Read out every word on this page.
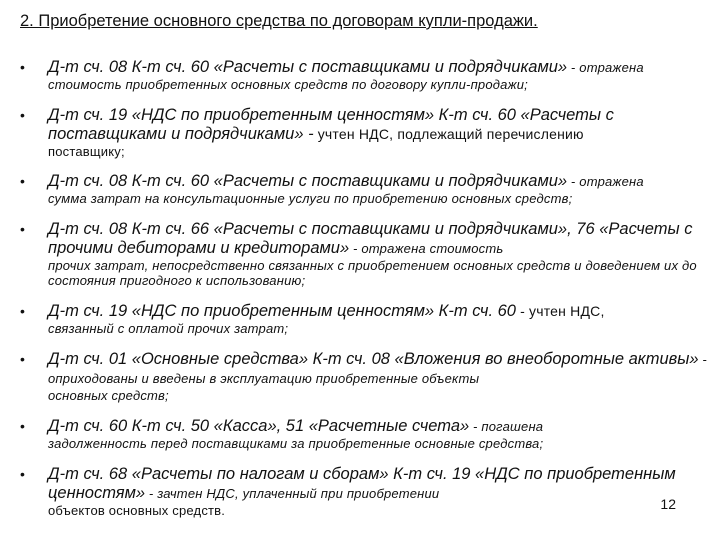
2. Приобретение основного средства по договорам купли-продажи.
• Д-т сч. 08 К-т сч. 60 «Расчеты с поставщиками и подрядчиками» - отражена
стоимость приобретенных основных средств по договору купли-продажи;
• Д-т сч. 19 «НДС по приобретенным ценностям» К-т сч. 60 «Расчеты с поставщиками и подрядчиками» - учтен НДС, подлежащий перечислению
поставщику;
• Д-т сч. 08 К-т сч. 60 «Расчеты с поставщиками и подрядчиками» - отражена
сумма затрат на консультационные услуги по приобретению основных средств;
• Д-т сч. 08 К-т сч. 66 «Расчеты с поставщиками и подрядчиками», 76 «Расчеты с прочими дебиторами и кредиторами» - отражена стоимость
прочих затрат, непосредственно связанных с приобретением основных средств и доведением их до состояния пригодного к использованию;
• Д-т сч. 19 «НДС по приобретенным ценностям» К-т сч. 60 - учтен НДС,
связанный с оплатой прочих затрат;
• Д-т сч. 01 «Основные средства» К-т сч. 08 «Вложения во внеоборотные активы» - оприходованы и введены в эксплуатацию приобретенные объекты
основных средств;
• Д-т сч. 60 К-т сч. 50 «Касса», 51 «Расчетные счета» - погашена
задолженность перед поставщиками за приобретенные основные средства;
• Д-т сч. 68 «Расчеты по налогам и сборам» К-т сч. 19 «НДС по приобретенным ценностям» - зачтен НДС, уплаченный при приобретении
объектов основных средств.	12
